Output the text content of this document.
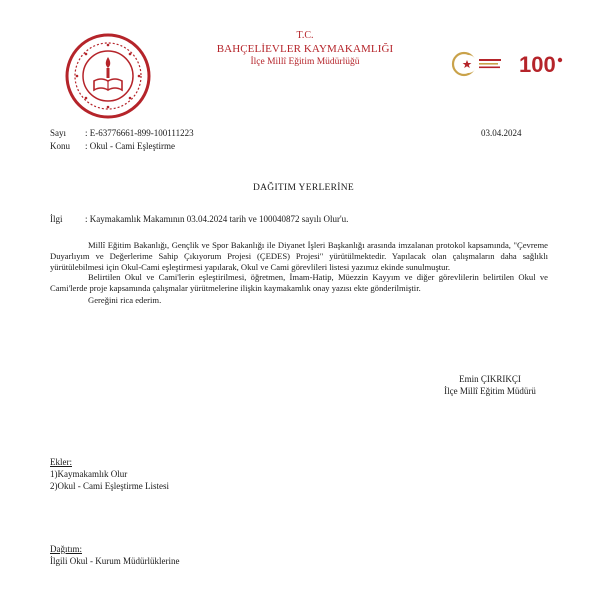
T.C.
BAHÇELİEVLER KAYMAKAMLIĞI
İlçe Millî Eğitim Müdürlüğü	100
Sayı : E-63776661-899-100111223
Konu : Okul - Cami Eşleştirme
03.04.2024
DAĞITIM YERLERİNE
İlgi	: Kaymakamlık Makamının 03.04.2024 tarih ve 100040872 sayılı Olur'u.

Millî Eğitim Bakanlığı, Gençlik ve Spor Bakanlığı ile Diyanet İşleri Başkanlığı arasında imzalanan protokol kapsamında, "Çevreme Duyarlıyım ve Değerlerime Sahip Çıkıyorum Projesi (ÇEDES) Projesi" yürütülmektedir. Yapılacak olan çalışmaların daha sağlıklı yürütülebilmesi için Okul-Cami eşleştirmesi yapılarak, Okul ve Cami görevlileri listesi yazımız ekinde sunulmuştur.

Belirtilen Okul ve Cami'lerin eşleştirilmesi, öğretmen, İmam-Hatip, Müezzin Kayyım ve diğer görevlilerin belirtilen Okul ve Cami'lerde proje kapsamında çalışmalar yürütmelerine ilişkin kaymakamlık onay yazısı ekte gönderilmiştir.

Gereğini rica ederim.

Emin ÇIKRIKÇI
İlçe Millî Eğitim Müdürü
Ekler:
1)Kaymakamlık Olur
2)Okul - Cami Eşleştirme Listesi
Dağıtım:
İlgili Okul - Kurum Müdürlüklerine
